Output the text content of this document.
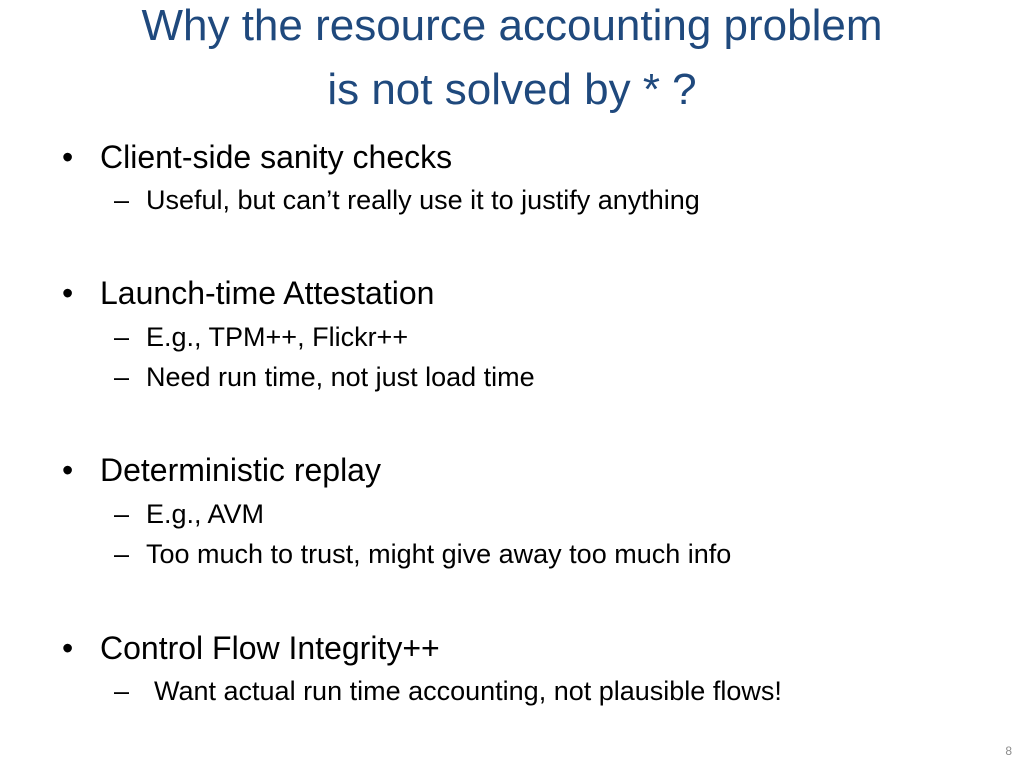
Why the resource accounting problem
is not solved by * ?
• Client-side sanity checks
– Useful, but can’t really use it to justify anything
• Launch-time Attestation
– E.g., TPM++, Flickr++
– Need run time, not just load time
• Deterministic replay
– E.g., AVM
– Too much to trust, might give away too much info
• Control Flow Integrity++
– Want actual run time accounting, not plausible flows!
8
